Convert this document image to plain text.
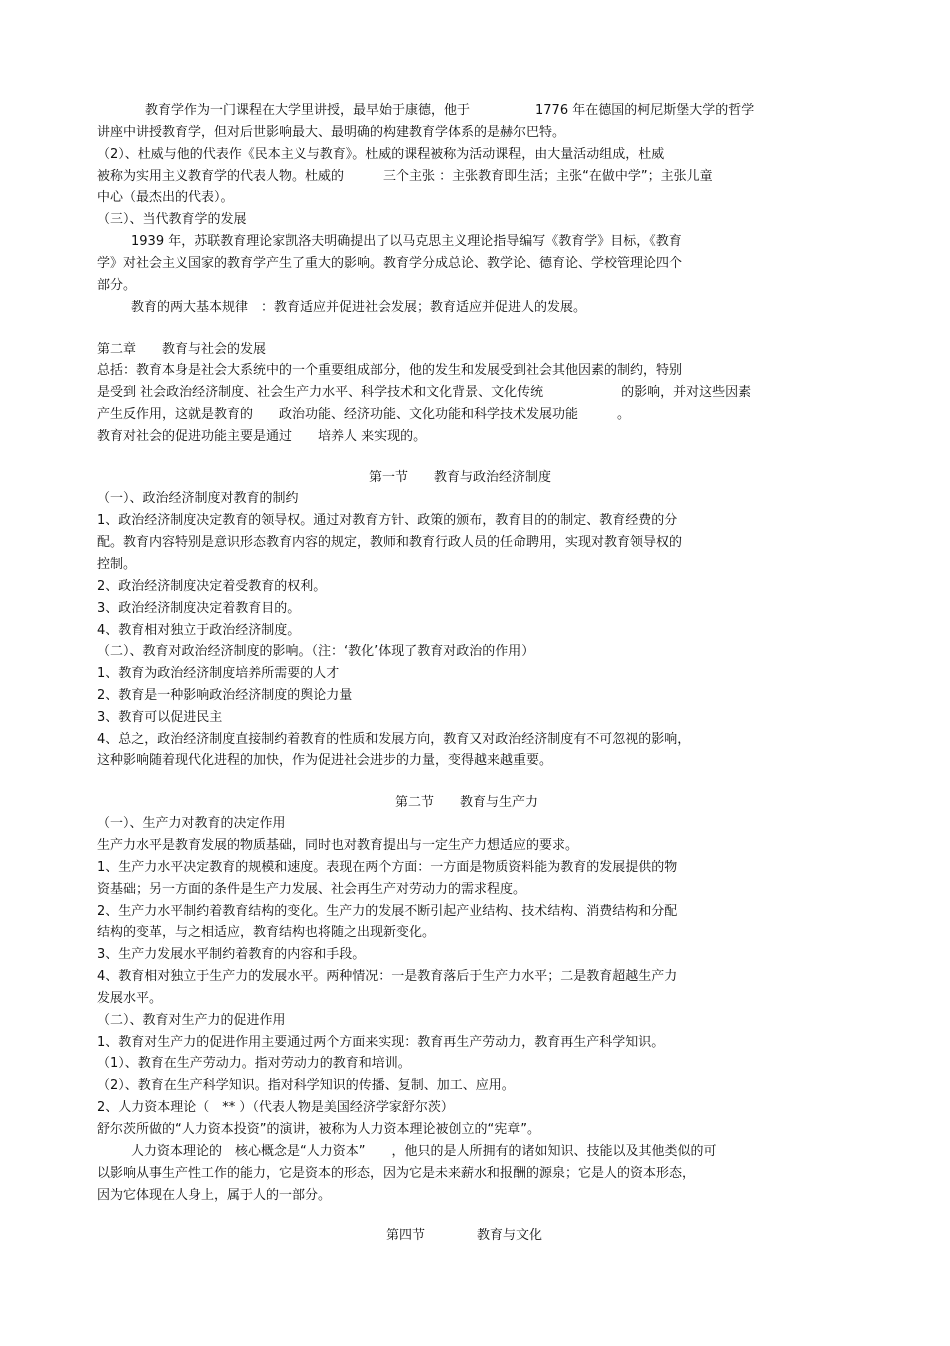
教育学作为一门课程在大学里讲授，最早始于康德，他于　　　　　1776 年在德国的柯尼斯堡大学的哲学
讲座中讲授教育学，但对后世影响最大、最明确的构建教育学体系的是赫尔巴特。
（2）、杜威与他的代表作《民本主义与教育》。杜威的课程被称为活动课程，由大量活动组成，杜威
被称为实用主义教育学的代表人物。杜威的　　　三个主张 ：主张教育即生活；主张“在做中学”；主张儿童
中心（最杰出的代表）。
（三）、当代教育学的发展
1939 年，苏联教育理论家凯洛夫明确提出了以马克思主义理论指导编写《教育学》目标，《教育
学》对社会主义国家的教育学产生了重大的影响。教育学分成总论、教学论、德育论、学校管理论四个
部分。
教育的两大基本规律　：教育适应并促进社会发展；教育适应并促进人的发展。
第二章　　教育与社会的发展
总括：教育本身是社会大系统中的一个重要组成部分，他的发生和发展受到社会其他因素的制约，特别
是受到 社会政治经济制度、社会生产力水平、科学技术和文化背景、文化传统　　　　　　的影响，并对这些因素
产生反作用，这就是教育的　　政治功能、经济功能、文化功能和科学技术发展功能　　　。
教育对社会的促进功能主要是通过　　培养人 来实现的。
第一节　　教育与政治经济制度
（一）、政治经济制度对教育的制约
1、政治经济制度决定教育的领导权。通过对教育方针、政策的颁布，教育目的的制定、教育经费的分
配。教育内容特别是意识形态教育内容的规定，教师和教育行政人员的任命聘用，实现对教育领导权的
控制。
2、政治经济制度决定着受教育的权利。
3、政治经济制度决定着教育目的。
4、教育相对独立于政治经济制度。
（二）、教育对政治经济制度的影响。（注：‘教化’体现了教育对政治的作用）
1、教育为政治经济制度培养所需要的人才
2、教育是一种影响政治经济制度的舆论力量
3、教育可以促进民主
4、总之，政治经济制度直接制约着教育的性质和发展方向，教育又对政治经济制度有不可忽视的影响，
这种影响随着现代化进程的加快，作为促进社会进步的力量，变得越来越重要。
第二节　　教育与生产力
（一）、生产力对教育的决定作用
生产力水平是教育发展的物质基础，同时也对教育提出与一定生产力想适应的要求。
1、生产力水平决定教育的规模和速度。表现在两个方面：一方面是物质资料能为教育的发展提供的物
资基础；另一方面的条件是生产力发展、社会再生产对劳动力的需求程度。
2、生产力水平制约着教育结构的变化。生产力的发展不断引起产业结构、技术结构、消费结构和分配
结构的变革，与之相适应，教育结构也将随之出现新变化。
3、生产力发展水平制约着教育的内容和手段。
4、教育相对独立于生产力的发展水平。两种情况：一是教育落后于生产力水平；二是教育超越生产力
发展水平。
（二）、教育对生产力的促进作用
1、教育对生产力的促进作用主要通过两个方面来实现：教育再生产劳动力，教育再生产科学知识。
（1）、教育在生产劳动力。指对劳动力的教育和培训。
（2）、教育在生产科学知识。指对科学知识的传播、复制、加工、应用。
2、人力资本理论（　** ）（代表人物是美国经济学家舒尔茨）
舒尔茨所做的“人力资本投资”的演讲，被称为人力资本理论被创立的“宪章”。
人力资本理论的　核心概念是“人力资本”　　，他只的是人所拥有的诸如知识、技能以及其他类似的可
以影响从事生产性工作的能力，它是资本的形态，因为它是未来薪水和报酬的源泉；它是人的资本形态，
因为它体现在人身上，属于人的一部分。
第四节　　　　教育与文化
